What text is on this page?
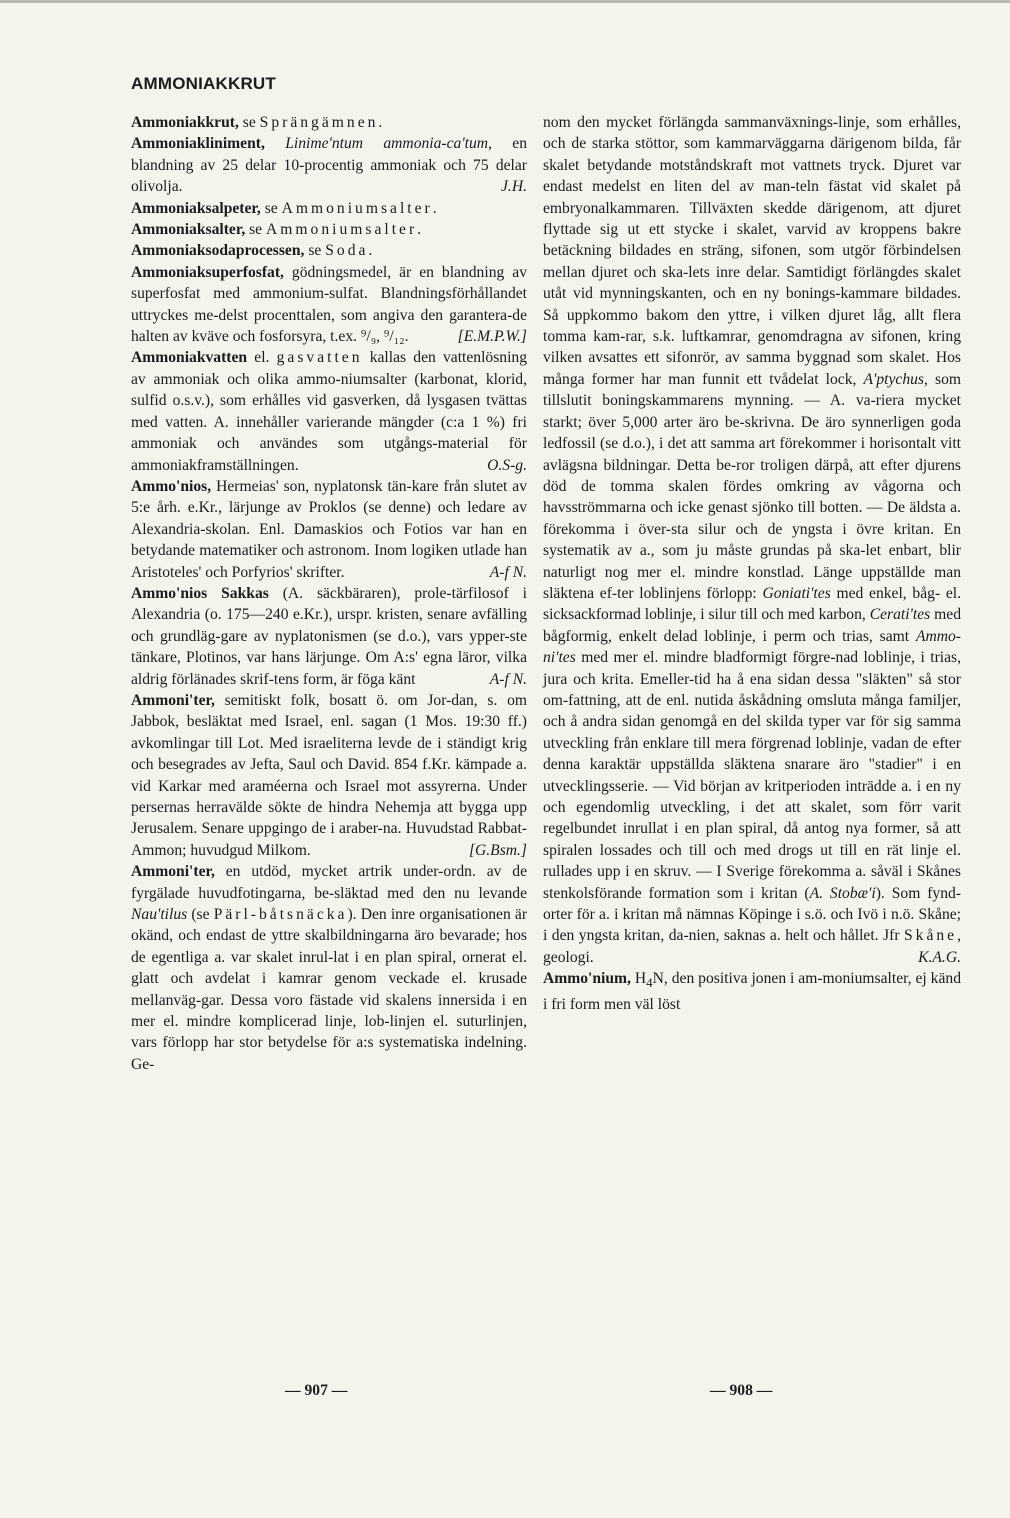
AMMONIAKKRUT

Ammoniakkrut, se Sprängämnen.

Ammoniakliniment, Linime'ntum ammonia-ca'tum, en blandning av 25 delar 10-procentig ammoniak och 75 delar olivolja.	J.H.

Ammoniaksalpeter, se Ammoniumsalter.

Ammoniaksalter, se Ammoniumsalter.

Ammoniaksodaprocessen, se Soda.

Ammoniaksuperfosfat, gödningsmedel, är en blandning av superfosfat med ammonium-sulfat. Blandningsförhållandet uttryckes me-delst procenttalen, som angiva den garantera-de halten av kväve och fosforsyra, t.ex. ⁹/₉, ⁹/₁₂.	[E.M.P.W.]

Ammoniakvatten el. gasvatten kallas den vattenlösning av ammoniak och olika ammo-niumsalter (karbonat, klorid, sulfid o.s.v.), som erhålles vid gasverken, då lysgasen tvättas med vatten. A. innehåller varierande mängder (c:a 1 %) fri ammoniak och användes som utgångs-material för ammoniakframställningen.	O.S-g.

Ammo'nios, Hermeias' son, nyplatonsk tän-kare från slutet av 5:e årh. e.Kr., lärjunge av Proklos (se denne) och ledare av Alexandria-skolan. Enl. Damaskios och Fotios var han en betydande matematiker och astronom. Inom logiken utlade han Aristoteles' och Porfyrios' skrifter.	A-f N.

Ammo'nios Sakkas (A. säckbäraren), prole-tärfilosof i Alexandria (o. 175—240 e.Kr.), urspr. kristen, senare avfälling och grundläg-gare av nyplatonismen (se d.o.), vars ypper-ste tänkare, Plotinos, var hans lärjunge. Om A:s' egna läror, vilka aldrig förlänades skrif-tens form, är föga känt	A-f N.

Ammoni'ter, semitiskt folk, bosatt ö. om Jor-dan, s. om Jabbok, besläktat med Israel, enl. sagan (1 Mos. 19:30 ff.) avkomlingar till Lot. Med israeliterna levde de i ständigt krig och besegrades av Jefta, Saul och David. 854 f.Kr. kämpade a. vid Karkar med araméerna och Israel mot assyrerna. Under persernas herravälde sökte de hindra Nehemja att bygga upp Jerusalem. Senare uppgingo de i araber-na. Huvudstad Rabbat-Ammon; huvudgud Milkom.	[G.Bsm.]

Ammoni'ter, en utdöd, mycket artrik under-ordn. av de fyrgälade huvudfotingarna, be-släktad med den nu levande Nau'tilus (se Pärl-båtsnäcka). Den inre organisationen är okänd, och endast de yttre skalbildningarna äro bevarade; hos de egentliga a. var skalet inrul-lat i en plan spiral, ornerat el. glatt och avdelat i kamrar genom veckade el. krusade mellanväg-gar. Dessa voro fästade vid skalens innersida i en mer el. mindre komplicerad linje, lob-linjen el. suturlinjen, vars förlopp har stor betydelse för a:s systematiska indelning. Ge-

nom den mycket förlängda sammanväxnings-linje, som erhålles, och de starka stöttor, som kammarväggarna därigenom bilda, får skalet betydande motståndskraft mot vattnets tryck. Djuret var endast medelst en liten del av man-teln fästat vid skalet på embryonalkammaren. Tillväxten skedde därigenom, att djuret flyttade sig ut ett stycke i skalet, varvid av kroppens bakre betäckning bildades en sträng, sifonen, som utgör förbindelsen mellan djuret och ska-lets inre delar. Samtidigt förlängdes skalet utåt vid mynningskanten, och en ny bonings-kammare bildades. Så uppkommo bakom den yttre, i vilken djuret låg, allt flera tomma kam-rar, s.k. luftkamrar, genomdragna av sifonen, kring vilken avsattes ett sifonrör, av samma byggnad som skalet. Hos många former har man funnit ett tvådelat lock, A'ptychus, som tillslutit boningskammarens mynning. — A. va-riera mycket starkt; över 5,000 arter äro be-skrivna. De äro synnerligen goda ledfossil (se d.o.), i det att samma art förekommer i horisontalt vitt avlägsna bildningar. Detta be-ror troligen därpå, att efter djurens död de tomma skalen fördes omkring av vågorna och havsströmmarna och icke genast sjönko till botten. — De äldsta a. förekomma i över-sta silur och de yngsta i övre kritan. En systematik av a., som ju måste grundas på ska-let enbart, blir naturligt nog mer el. mindre konstlad. Länge uppställde man släktena ef-ter loblinjens förlopp: Goniati'tes med enkel, båg- el. sicksackformad loblinje, i silur till och med karbon, Cerati'tes med bågformig, enkelt delad loblinje, i perm och trias, samt Ammo-ni'tes med mer el. mindre bladformigt förgre-nad loblinje, i trias, jura och krita. Emeller-tid ha å ena sidan dessa "släkten" så stor om-fattning, att de enl. nutida åskådning omsluta många familjer, och å andra sidan genomgå en del skilda typer var för sig samma utveckling från enklare till mera förgrenad loblinje, vadan de efter denna karaktär uppställda släktena snarare äro "stadier" i en utvecklingsserie. — Vid början av kritperioden inträdde a. i en ny och egendomlig utveckling, i det att skalet, som förr varit regelbundet inrullat i en plan spiral, då antog nya former, så att spiralen lossades och till och med drogs ut till en rät linje el. rullades upp i en skruv. — I Sverige förekomma a. såväl i Skånes stenkolsförande formation som i kritan (A. Stobæ'i). Som fynd-orter för a. i kritan må nämnas Köpinge i s.ö. och Ivö i n.ö. Skåne; i den yngsta kritan, da-nien, saknas a. helt och hållet. Jfr Skåne, geologi.	K.A.G.

Ammo'nium, $H_4N$, den positiva jonen i am-moniumsalter, ej känd i fri form men väl löst

— 907 —	— 908 —
